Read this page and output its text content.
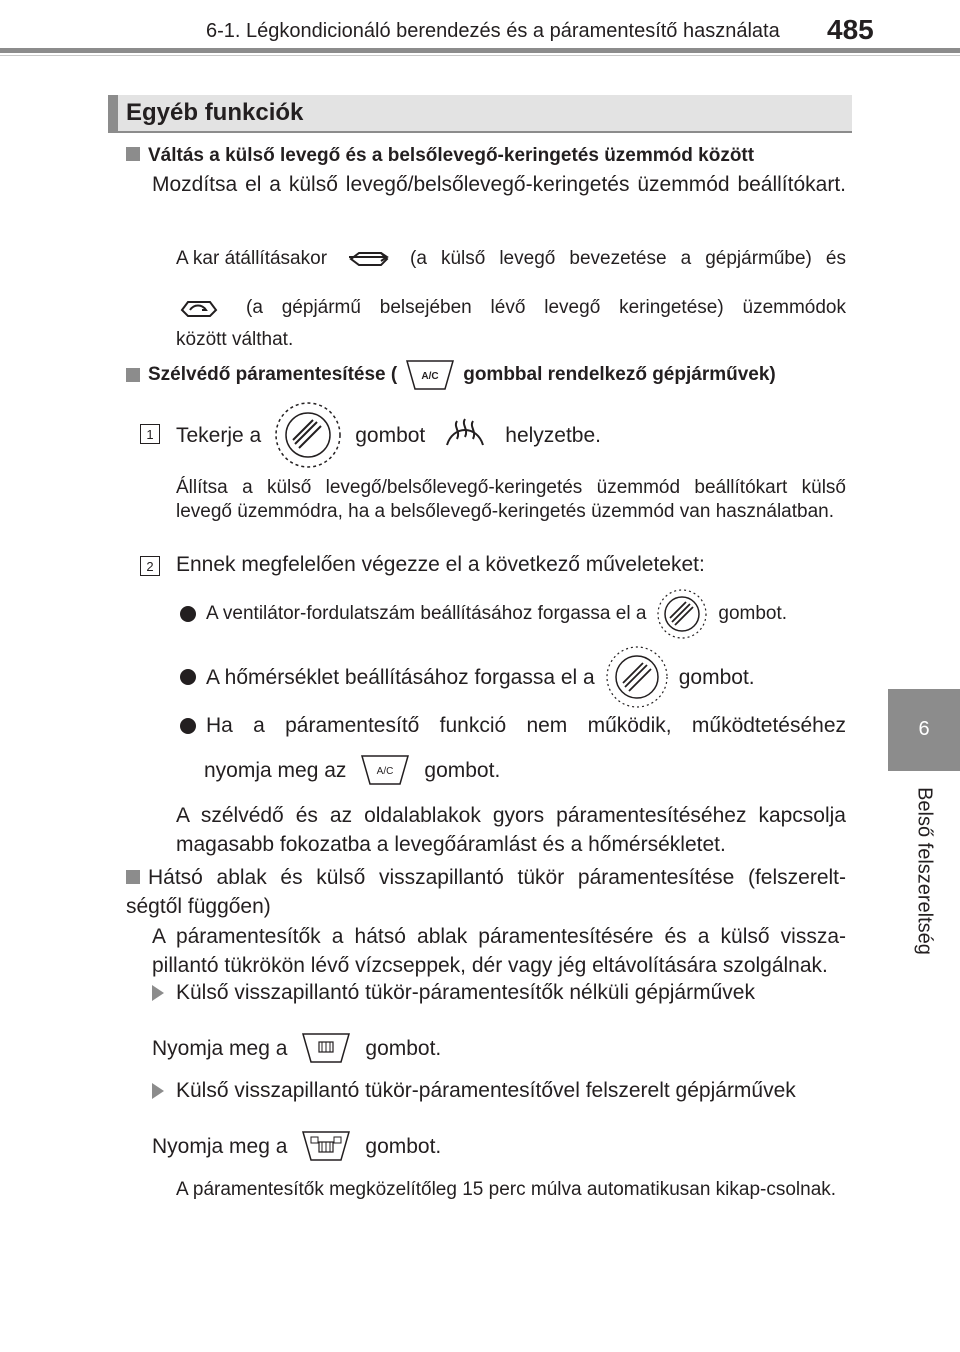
6-1. Légkondicionáló berendezés és a páramentesítő használata 485
6
Belső felszereltség
Egyéb funkciók
Váltás a külső levegő és a belsőlevegő-keringetés üzemmód között
Mozdítsa el a külső levegő/belsőlevegő-keringetés üzemmód beállítókart.
A kar átállításakor	(a külső levegő bevezetése a gépjárműbe) és
(a gépjármű belsejében lévő levegő keringetése) üzemmódok
között válthat.
Szélvédő páramentesítése ( A/C gombbal rendelkező gépjárművek)
1	Tekerje a	gombot	helyzetbe.
Állítsa a külső levegő/belsőlevegő-keringetés üzemmód beállítókart külső levegő üzemmódra, ha a belsőlevegő-keringetés üzemmód van használatban.
2	Ennek megfelelően végezze el a következő műveleteket:
A ventilátor-fordulatszám beállításához forgassa el a	gombot.
A hőmérséklet beállításához forgassa el a	gombot.
Ha a páramentesítő funkció nem működik, működtetéséhez
nyomja meg az	A/C gombot.
A szélvédő és az oldalablakok gyors páramentesítéséhez kapcsolja magasabb fokozatba a levegőáramlást és a hőmérsékletet.
Hátsó ablak és külső visszapillantó tükör páramentesítése (felszerelt-ségtől függően)
A páramentesítők a hátsó ablak páramentesítésére és a külső vissza-pillantó tükrökön lévő vízcseppek, dér vagy jég eltávolítására szolgálnak.
Külső visszapillantó tükör-páramentesítők nélküli gépjárművek
Nyomja meg a	gombot.
Külső visszapillantó tükör-páramentesítővel felszerelt gépjárművek
Nyomja meg a	gombot.
A páramentesítők megközelítőleg 15 perc múlva automatikusan kikap-csolnak.
